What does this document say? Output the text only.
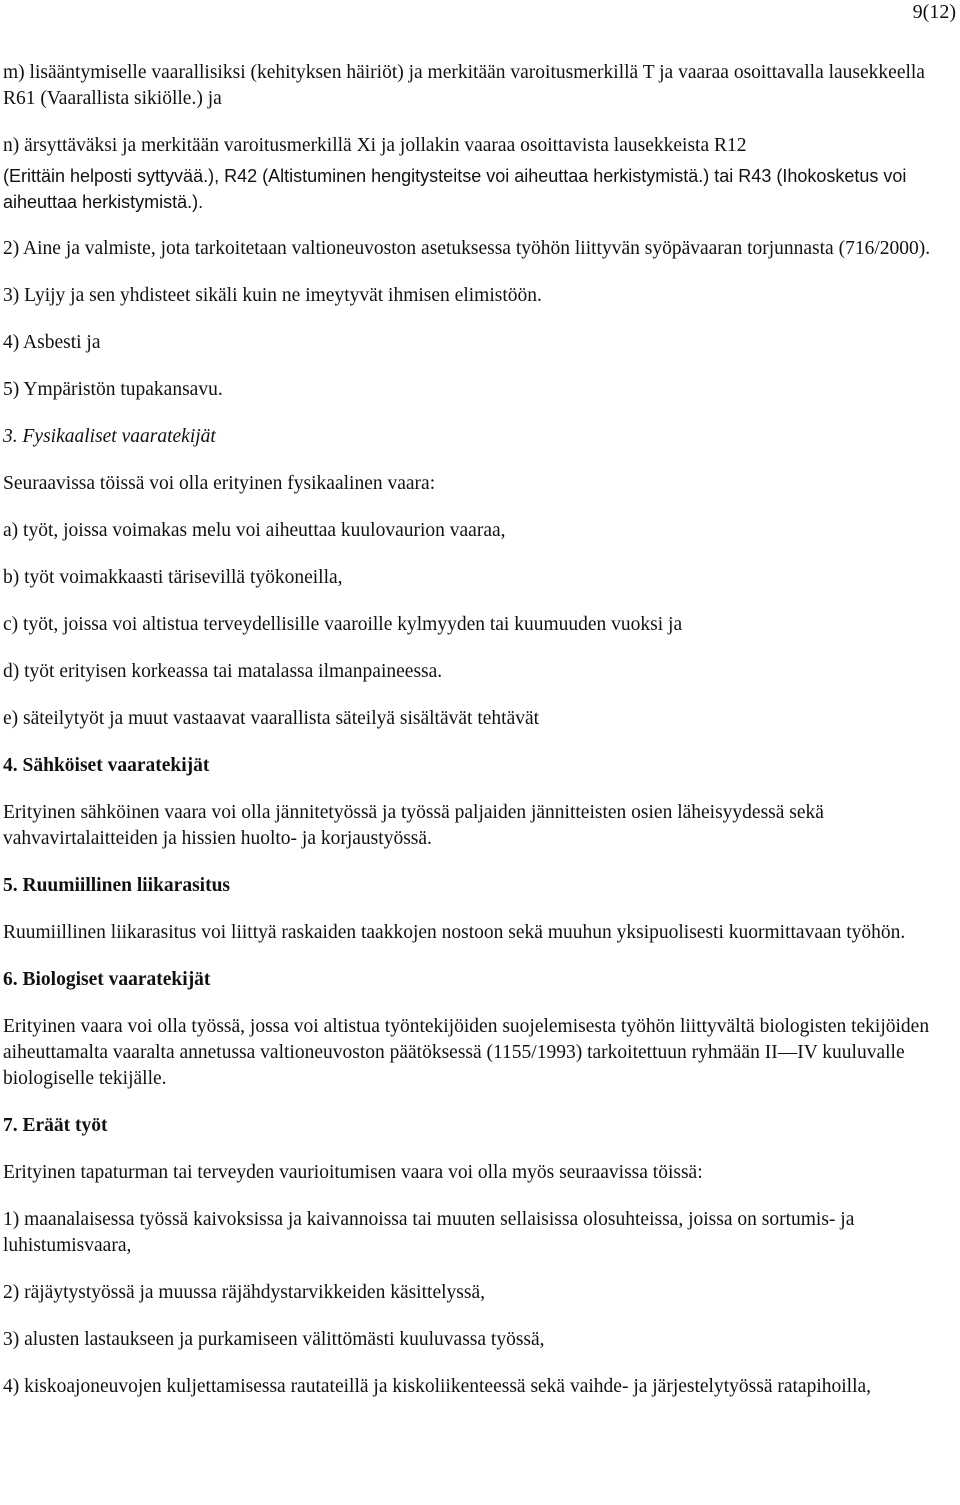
9(12)
m) lisääntymiselle vaarallisiksi (kehityksen häiriöt) ja merkitään varoitusmerkillä T ja vaaraa osoittavalla lausekkeella R61 (Vaarallista sikiölle.) ja
n) ärsyttäväksi ja merkitään varoitusmerkillä Xi ja jollakin vaaraa osoittavista lausekkeista R12
(Erittäin helposti syttyvää.), R42 (Altistuminen hengitysteitse voi aiheuttaa herkistymistä.) tai R43 (Ihokosketus voi aiheuttaa herkistymistä.).
2) Aine ja valmiste, jota tarkoitetaan valtioneuvoston asetuksessa työhön liittyvän syöpävaaran torjunnasta (716/2000).
3) Lyijy ja sen yhdisteet sikäli kuin ne imeytyvät ihmisen elimistöön.
4) Asbesti ja
5) Ympäristön tupakansavu.
3. Fysikaaliset vaaratekijät
Seuraavissa töissä voi olla erityinen fysikaalinen vaara:
a) työt, joissa voimakas melu voi aiheuttaa kuulovaurion vaaraa,
b) työt voimakkaasti tärisevillä työkoneilla,
c) työt, joissa voi altistua terveydellisille vaaroille kylmyyden tai kuumuuden vuoksi ja
d) työt erityisen korkeassa tai matalassa ilmanpaineessa.
e) säteilytyöt ja muut vastaavat vaarallista säteilyä sisältävät tehtävät
4. Sähköiset vaaratekijät
Erityinen sähköinen vaara voi olla jännitetyössä ja työssä paljaiden jännitteisten osien läheisyydessä sekä vahvavirtalaitteiden ja hissien huolto- ja korjaustyössä.
5. Ruumiillinen liikarasitus
Ruumiillinen liikarasitus voi liittyä raskaiden taakkojen nostoon sekä muuhun yksipuolisesti kuormittavaan työhön.
6. Biologiset vaaratekijät
Erityinen vaara voi olla työssä, jossa voi altistua työntekijöiden suojelemisesta työhön liittyvältä biologisten tekijöiden aiheuttamalta vaaralta annetussa valtioneuvoston päätöksessä (1155/1993) tarkoitettuun ryhmään II—IV kuuluvalle biologiselle tekijälle.
7. Eräät työt
Erityinen tapaturman tai terveyden vaurioitumisen vaara voi olla myös seuraavissa töissä:
1) maanalaisessa työssä kaivoksissa ja kaivannoissa tai muuten sellaisissa olosuhteissa, joissa on sortumis- ja luhistumisvaara,
2) räjäytystyössä ja muussa räjähdystarvikkeiden käsittelyssä,
3) alusten lastaukseen ja purkamiseen välittömästi kuuluvassa työssä,
4) kiskoajoneuvojen kuljettamisessa rautateillä ja kiskoliikenteessä sekä vaihde- ja järjestelytyössä ratapihoilla,
